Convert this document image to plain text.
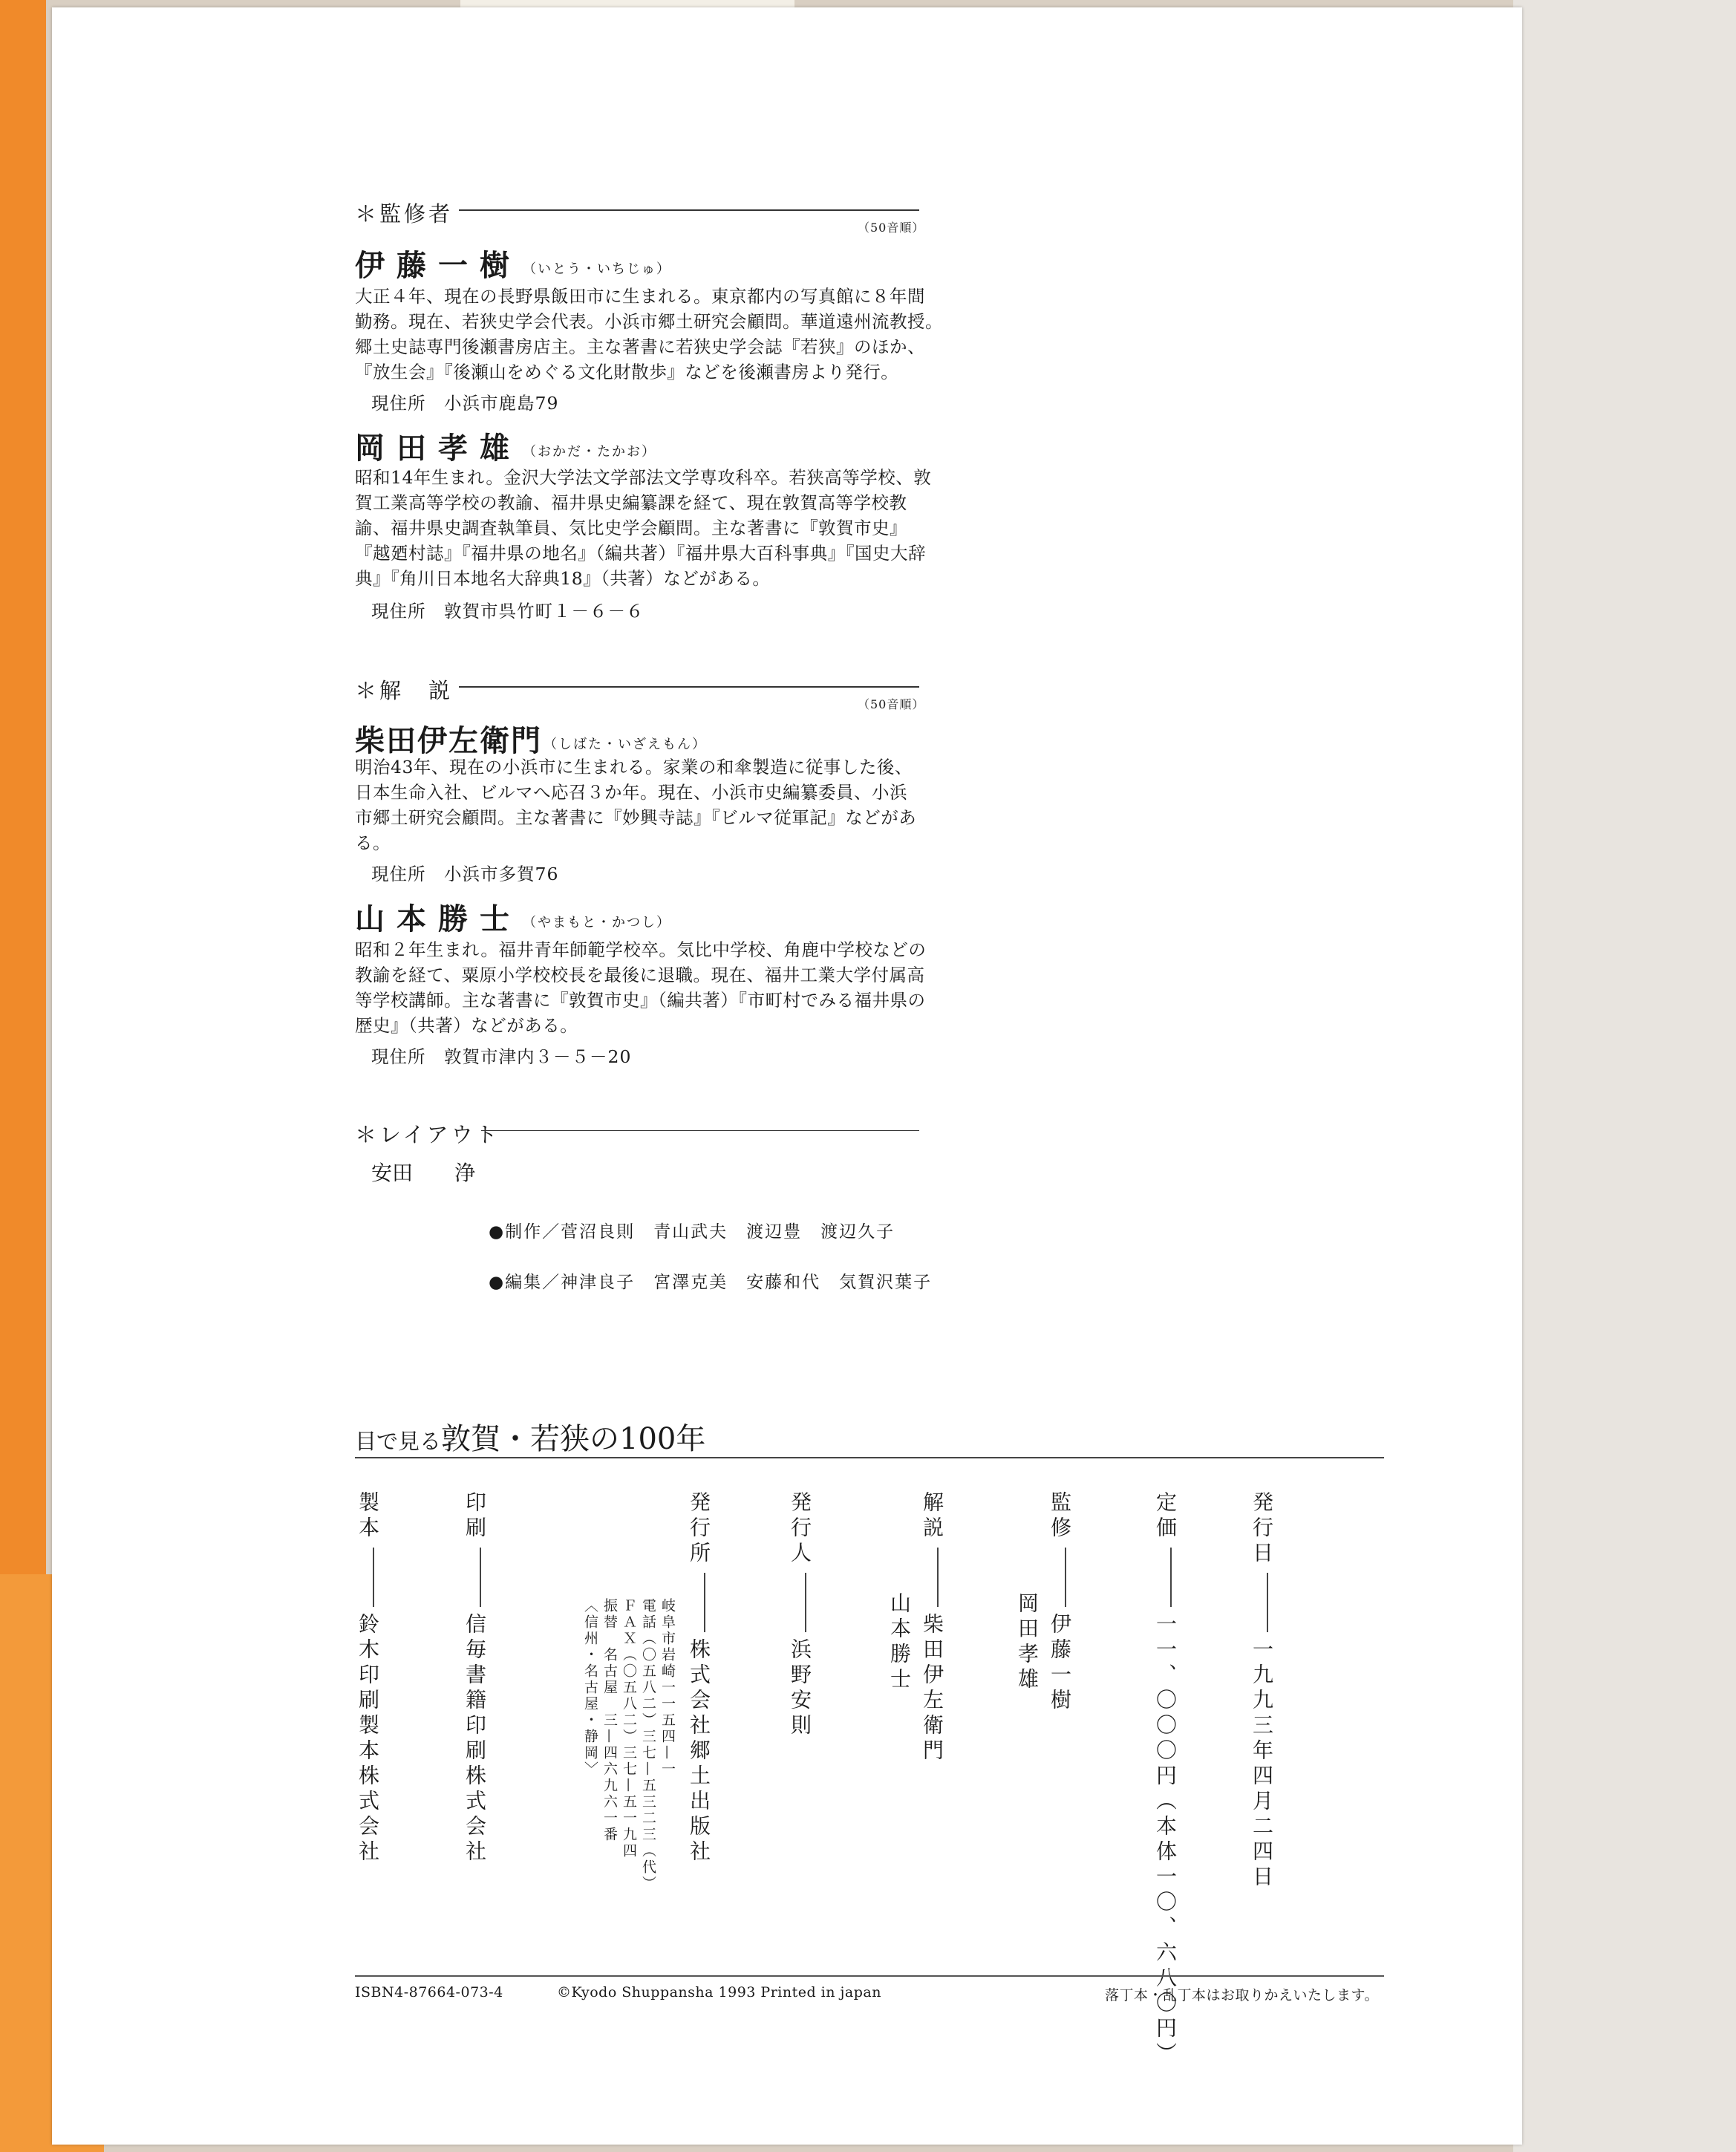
＊監修者
（50音順）
伊藤一樹 （いとう・いちじゅ）

大正４年、現在の長野県飯田市に生まれる。東京都内の写真館に８年間

勤務。現在、若狭史学会代表。小浜市郷土研究会顧問。華道遠州流教授。

郷土史誌専門後瀬書房店主。主な著書に若狭史学会誌『若狭』のほか、

『放生会』『後瀬山をめぐる文化財散歩』などを後瀬書房より発行。

現住所　小浜市鹿島79
岡田孝雄 （おかだ・たかお）

昭和14年生まれ。金沢大学法文学部法文学専攻科卒。若狭高等学校、敦

賀工業高等学校の教諭、福井県史編纂課を経て、現在敦賀高等学校教

諭、福井県史調査執筆員、気比史学会顧問。主な著書に『敦賀市史』

『越廼村誌』『福井県の地名』（編共著）『福井県大百科事典』『国史大辞

典』『角川日本地名大辞典18』（共著）などがある。

現住所　敦賀市呉竹町１－６－６
＊解　説
（50音順）
柴田伊左衛門 （しばた・いざえもん）

明治43年、現在の小浜市に生まれる。家業の和傘製造に従事した後、

日本生命入社、ビルマへ応召３か年。現在、小浜市史編纂委員、小浜

市郷土研究会顧問。主な著書に『妙興寺誌』『ビルマ従軍記』などがあ

る。

現住所　小浜市多賀76
山本勝士 （やまもと・かつし）

昭和２年生まれ。福井青年師範学校卒。気比中学校、角鹿中学校などの

教諭を経て、粟原小学校校長を最後に退職。現在、福井工業大学付属高

等学校講師。主な著書に『敦賀市史』（編共著）『市町村でみる福井県の

歴史』（共著）などがある。

現住所　敦賀市津内３－５－20
＊レイアウト
安田　　浄
●制作／菅沼良則　青山武夫　渡辺豊　渡辺久子
●編集／神津良子　宮澤克美　安藤和代　気賀沢葉子
目で見る敦賀・若狭の100年
発行日一九九三年四月二四日
定価一一、〇〇〇円（本体一〇、六八〇円）
監修伊藤一樹
岡田孝雄
解説柴田伊左衛門
山本勝士
発行人浜野安則
発行所株式会社郷土出版社
岐阜市岩崎一一五四—一
電話（〇五八二）三七—五三二三（代）
ＦＡＸ（〇五八二）三七—五一九四
振替　名古屋　三—四六九六一番
〈信州・名古屋・静岡〉
印刷信毎書籍印刷株式会社
製本鈴木印刷製本株式会社
ISBN4-87664-073-4	©Kyodo Shuppansha 1993 Printed in japan	落丁本・乱丁本はお取りかえいたします。
